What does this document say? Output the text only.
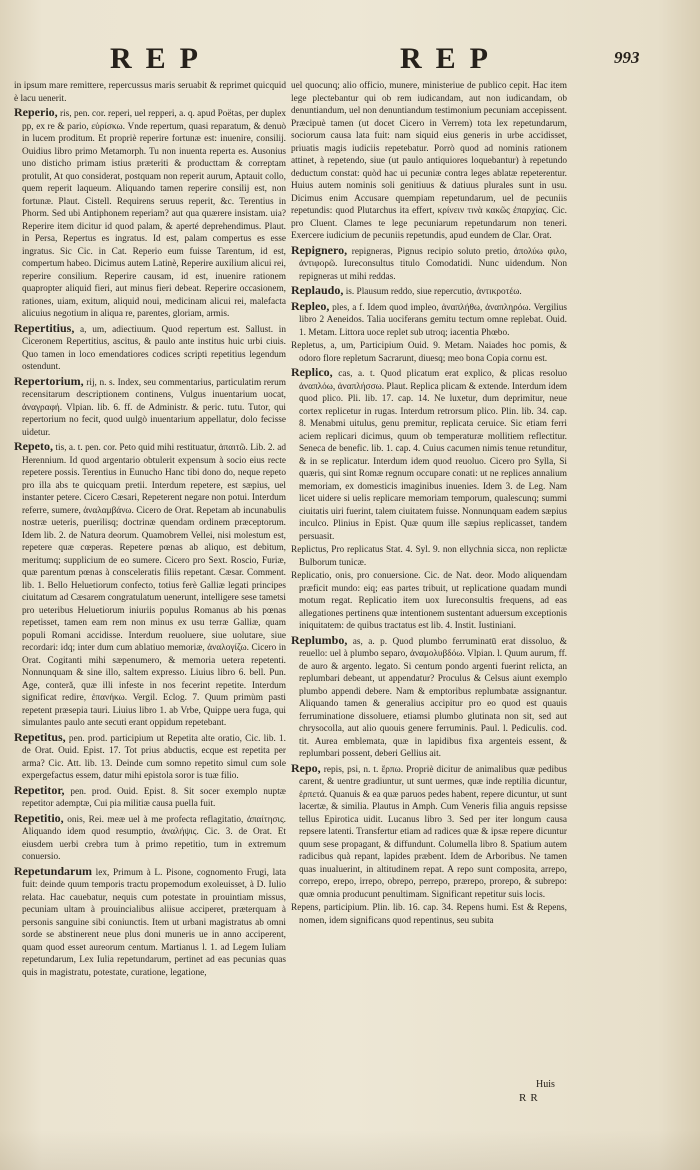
REP	REP	993

in ipsum mare remittere, repercussus maris seruabit & reprimet quicquid è lacu uenerit.

Reperio, ris, pen. cor. reperi, uel repperi, a. q. apud Poëtas, per duplex pp, ex re & pario, εὑρίσκω. Vnde repertum, quasi reparatum, & denuò in lucem proditum. Et propriè reperire fortunæ est: inuenire, consilij. Ouidius libro primo Metamorph. Tu non inuenta reperta es. Ausonius uno disticho primam istius præteriti & producttam & correptam protulit, At quo considerat, postquam non reperit aurum, Aptauit collo, quem reperit laqueum. Aliquando tamen reperire consilij est, non fortunæ. Plaut. Cistell. Requirens seruus reperit, &c. Terentius in Phorm. Sed ubi Antiphonem reperiam? aut qua quærere insistam. uia? Reperire item dicitur id quod palam, & aperté deprehendimus. Plaut. in Persa, Repertus es ingratus. Id est, palam compertus es esse ingratus. Sic Cic. in Cat. Reperio eum fuisse Tarentum, id est, compertum habeo. Dicimus autem Latinè, Reperire auxilium alicui rei, reperire consilium. Reperire causam, id est, inuenire rationem quapropter aliquid fieri, aut minus fieri debeat. Reperire occasionem, rationes, uiam, exitum, aliquid noui, medicinam alicui rei, malefacta alicuius negotium in aliqua re, parentes, gloriam, armis.

Repertitius, a, um, adiectiuum. Quod repertum est. Sallust. in Ciceronem Repertitius, ascitus, & paulo ante institus huic urbi ciuis. Quo tamen in loco emendatiores codices scripti repetitius legendum ostendunt.

Repertorium, rij, n. s. Index, seu commentarius, particulatim rerum recensitarum descriptionem continens, Vulgus inuentarium uocat, ἀναγραφή. Vlpian. lib. 6. ff. de Administr. & peric. tutu. Tutor, qui repertorium no fecit, quod uulgò inuentarium appellatur, dolo fecisse uidetur.

Repeto, tis, a. t. pen. cor. Peto quid mihi restituatur, ἀπαιτῶ. Lib. 2. ad Herennium. Id quod argentario obtulerit expensum à socio eius recte repetere possis. Terentius in Eunucho Hanc tibi dono do, neque repeto pro illa abs te quicquam pretii. Interdum repetere, est sæpius, uel instanter petere. Cicero Cæsari, Repeterent negare non potui. Interdum referre, sumere, ἀναλαμβάνω. Cicero de Orat. Repetam ab incunabulis nostræ ueteris, puerilisq; doctrinæ quendam ordinem præceptorum. Idem lib. 2. de Natura deorum. Quamobrem Vellei, nisi molestum est, repetere quæ cœperas. Repetere pœnas ab aliquo, est debitum, meritumq; supplicium de eo sumere. Cicero pro Sext. Roscio, Furiæ, quæ parentum pœnas à consceleratis filiis repetant. Cæsar. Comment. lib. 1. Bello Heluetiorum confecto, totius ferè Galliæ legati principes ciuitatum ad Cæsarem congratulatum uenerunt, intelligere sese tametsi pro ueteribus Heluetiorum iniuriis populus Romanus ab his pœnas repetisset, tamen eam rem non minus ex usu terræ Galliæ, quam populi Romani accidisse. Interdum reuoluere, siue uolutare, siue recordari: idq; inter dum cum ablatiuo memoriæ, ἀναλογίζω. Cicero in Orat. Cogitanti mihi sæpenumero, & memoria uetera repetenti. Nonnunquam & sine illo, saltem expresso. Liuius libro 6. bell. Pun. Age, conteră, quæ illi infeste in nos fecerint repetite. Interdum significat redire, ἐπανήκω. Vergil. Eclog. 7. Quum primùm pasti repetent præsepia tauri. Liuius libro 1. ab Vrbe, Quippe uera fuga, qui simulantes paulo ante secuti erant oppidum repetebant.

Repetitus, pen. prod. participium ut Repetita alte oratio, Cic. lib. 1. de Orat. Ouid. Epist. 17. Tot prius abductis, ecque est repetita per arma? Cic. Att. lib. 13. Deinde cum somno repetito simul cum sole expergefactus essem, datur mihi epistola soror is tuæ filio.

Repetitor, pen. prod. Ouid. Epist. 8. Sit socer exemplo nuptæ repetitor ademptæ, Cui pia militiæ causa puella fuit.

Repetitio, onis, Rei. meæ uel à me profecta reflagitatio, ἀπαίτησις. Aliquando idem quod resumptio, ἀναλήψις. Cic. 3. de Orat. Et eiusdem uerbi crebra tum à primo repetitio, tum in extremum conuersio.

Repetundarum lex, Primum à L. Pisone, cognomento Frugi, lata fuit: deinde quum temporis tractu propemodum exoleuisset, à D. Iulio relata. Hac cauebatur, nequis cum potestate in prouintiam missus, pecuniam ultam à prouincialibus aliisue acciperet, præterquam à personis sanguine sibi coniunctis. Item ut urbani magistratus ab omni sorde se abstinerent neue plus doni muneris ue in anno acciperent, quam quod esset aureorum centum. Martianus l. 1. ad Legem Iuliam repetundarum, Lex Iulia repetundarum, pertinet ad eas pecunias quas quis in magistratu, potestate, curatione, legatione,

uel quocunq; alio officio, munere, ministeriue de publico cepit. Hac item lege plectebantur qui ob rem iudicandam, aut non iudicandam, ob denuntiandum, uel non denuntiandum testimonium pecuniam accepissent. Præcipuè tamen (ut docet Cicero in Verrem) tota lex repetundarum, sociorum causa lata fuit: nam siquid eius generis in urbe accidisset, priuatis magis iudiciis repetebatur. Porrò quod ad nominis rationem attinet, à repetendo, siue (ut paulo antiquiores loquebantur) à repetundo deductum constat: quòd hac ui pecuniæ contra leges ablatæ repeterentur. Huius autem nominis soli genitiuus & datiuus plurales sunt in usu. Dicimus enim Accusare quempiam repetundarum, uel de pecuniis repetundis: quod Plutarchus ita effert, κρίνειν τινὰ κακῶς ἐπαρχίας. Cic. pro Cluent. Clames te lege pecuniarum repetundarum non teneri. Exercere iudicium de pecuniis repetundis, apud eundem de Clar. Orat.

Repignero, repigneras, Pignus recipio soluto pretio, ἀπολύω φιλο, ἀντιφορῶ. Iureconsultus titulo Comodatidi. Nunc uidendum. Non repigneras ut mihi reddas.

Replaudo, is. Plausum reddo, siue repercutio, ἀντικροτέω.

Repleo, ples, a f. Idem quod impleo, ἀναπλήθω, ἀναπληρόω. Vergilius libro 2 Aeneidos. Talia uociferans gemitu tectum omne replebat. Ouid. 1. Metam. Littora uoce replet sub utroq; iacentia Phœbo.

Repletus, a, um, Participium Ouid. 9. Metam. Naiades hoc pomis, & odoro flore repletum Sacrarunt, diuesq; meo bona Copia cornu est.

Replico, cas, a. t. Quod plicatum erat explico, & plicas resoluo ἀναπλόω, ἀναπλήσσω. Plaut. Replica plicam & extende. Interdum idem quod plico. Pli. lib. 17. cap. 14. Ne luxetur, dum deprimitur, neue cortex replicetur in rugas. Interdum retrorsum plico. Plin. lib. 34. cap. 8. Menabmi uitulus, genu premitur, replicata ceruice. Sic etiam ferri aciem replicari dicimus, quum ob temperaturæ mollitiem reflectitur. Seneca de benefic. lib. 1. cap. 4. Cuius cacumen nimis tenue retunditur, & in se replicatur. Interdum idem quod reuoluo. Cicero pro Sylla, Si quæris, qui sint Romæ regnum occupare conati: ut ne replices annalium memoriam, ex domesticis imaginibus inuenies. Idem 3. de Leg. Nam licet uidere si uelis replicare memoriam temporum, qualescunq; summi ciuitatis uiri fuerint, talem ciuitatem fuisse. Nonnunquam eadem sæpius inculco. Plinius in Epist. Quæ quum ille sæpius replicasset, tandem persuasit.

Replictus, Pro replicatus Stat. 4. Syl. 9. non ellychnia sicca, non replictæ Bulborum tunicæ.

Replicatio, onis, pro conuersione. Cic. de Nat. deor. Modo aliquendam præficit mundo: eiq; eas partes tribuit, ut replicatione quadam mundi motum regat. Replicatio item uox Iureconsultis frequens, ad eas allegationes pertinens quæ intentionem sustentant aduersum exceptionis iniquitatem: de quibus tractatus est lib. 4. Instit. Iustiniani.

Replumbo, as, a. p. Quod plumbo ferruminatū erat dissoluo, & reuello: uel à plumbo separo, ἀναμολυβδόω. Vlpian. l. Quum aurum, ff. de auro & argento. legato. Si centum pondo argenti fuerint relicta, an replumbari debeant, ut appendatur? Proculus & Celsus aiunt exemplo plumbo appendi debere. Nam & emptoribus replumbatæ assignantur. Aliquando tamen & generalius accipitur pro eo quod est quauis ferruminatione dissoluere, etiamsi plumbo glutinata non sit, sed aut chrysocolla, aut alio quouis genere ferruminis. Paul. l. Pediculis. cod. tit. Aurea emblemata, quæ in lapidibus fixa argenteis essent, & replumbari possent, deberi Gellius ait.

Repo, repis, psi, n. t. ἕρπω. Propriè dicitur de animalibus quæ pedibus carent, & uentre gradiuntur, ut sunt uermes, quæ inde reptilia dicuntur, ἑρπετά. Quanuis & ea quæ paruos pedes habent, repere dicuntur, ut sunt lacertæ, & similia. Plautus in Amph. Cum Veneris filia anguis repsisse tellus Epirotica uidit. Lucanus libro 3. Sed per iter longum causa repsere latenti. Transfertur etiam ad radices quæ & ipsæ repere dicuntur quum sese propagant, & diffundunt. Columella libro 8. Spatium autem radicibus quà repant, lapides præbent. Idem de Arboribus. Ne tamen quas inualuerint, in altitudinem repat. A repo sunt composita, arrepo, correpo, erepo, irrepo, obrepo, perrepo, prærepo, prorepo, & subrepo: quæ omnia producunt penultimam. Significant repetitur suis locis.

Repens, participium. Plin. lib. 16. cap. 34. Repens humi. Est & Repens, nomen, idem significans quod repentinus, seu subita

Huis
RR
